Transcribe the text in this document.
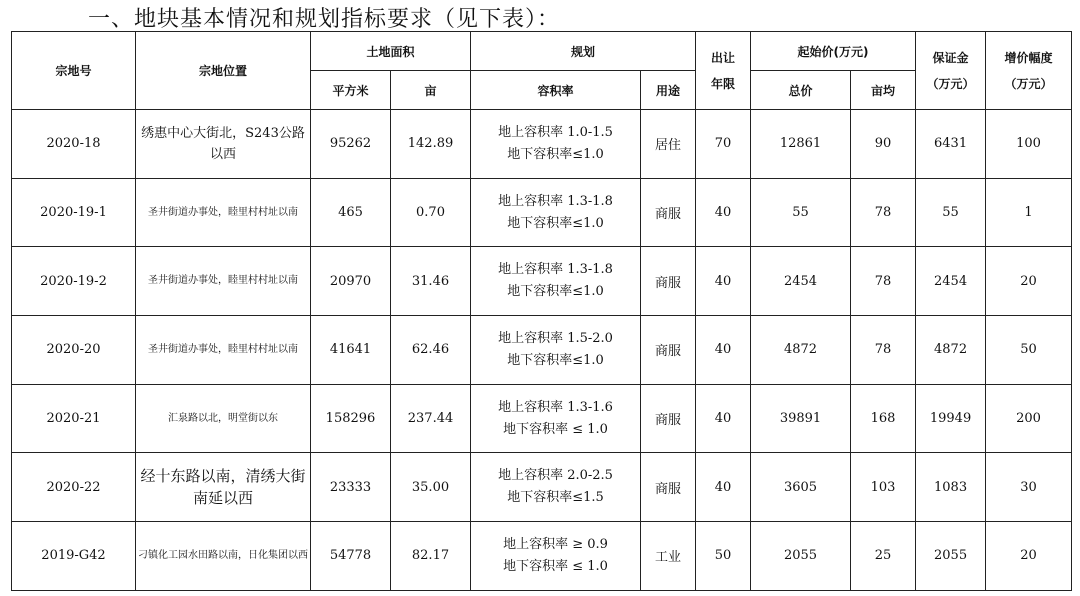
一、地块基本情况和规划指标要求（见下表）：
宗地号	宗地位置	土地面积		规划		出让年限	起始价(万元)		保证金（万元）	增价幅度（万元）
		平方米	亩	容积率	用途		总价	亩均		
2020-18	绣惠中心大街北，S243公路以西	95262	142.89	地上容积率 1.0-1.5
地下容积率≤1.0	居住	70	12861	90	6431	100
2020-19-1	圣井街道办事处，睦里村村址以南	465	0.70	地上容积率 1.3-1.8
地下容积率≤1.0	商服	40	55	78	55	1
2020-19-2	圣井街道办事处，睦里村村址以南	20970	31.46	地上容积率 1.3-1.8
地下容积率≤1.0	商服	40	2454	78	2454	20
2020-20	圣井街道办事处，睦里村村址以南	41641	62.46	地上容积率 1.5-2.0
地下容积率≤1.0	商服	40	4872	78	4872	50
2020-21	汇泉路以北，明堂街以东	158296	237.44	地上容积率 1.3-1.6
地下容积率 ≤ 1.0	商服	40	39891	168	19949	200
2020-22	经十东路以南，清绣大街南延以西	23333	35.00	地上容积率 2.0-2.5
地下容积率≤1.5	商服	40	3605	103	1083	30
2019-G42	刁镇化工园水田路以南，日化集团以西	54778	82.17	地上容积率 ≥ 0.9
地下容积率 ≤ 1.0	工业	50	2055	25	2055	20
